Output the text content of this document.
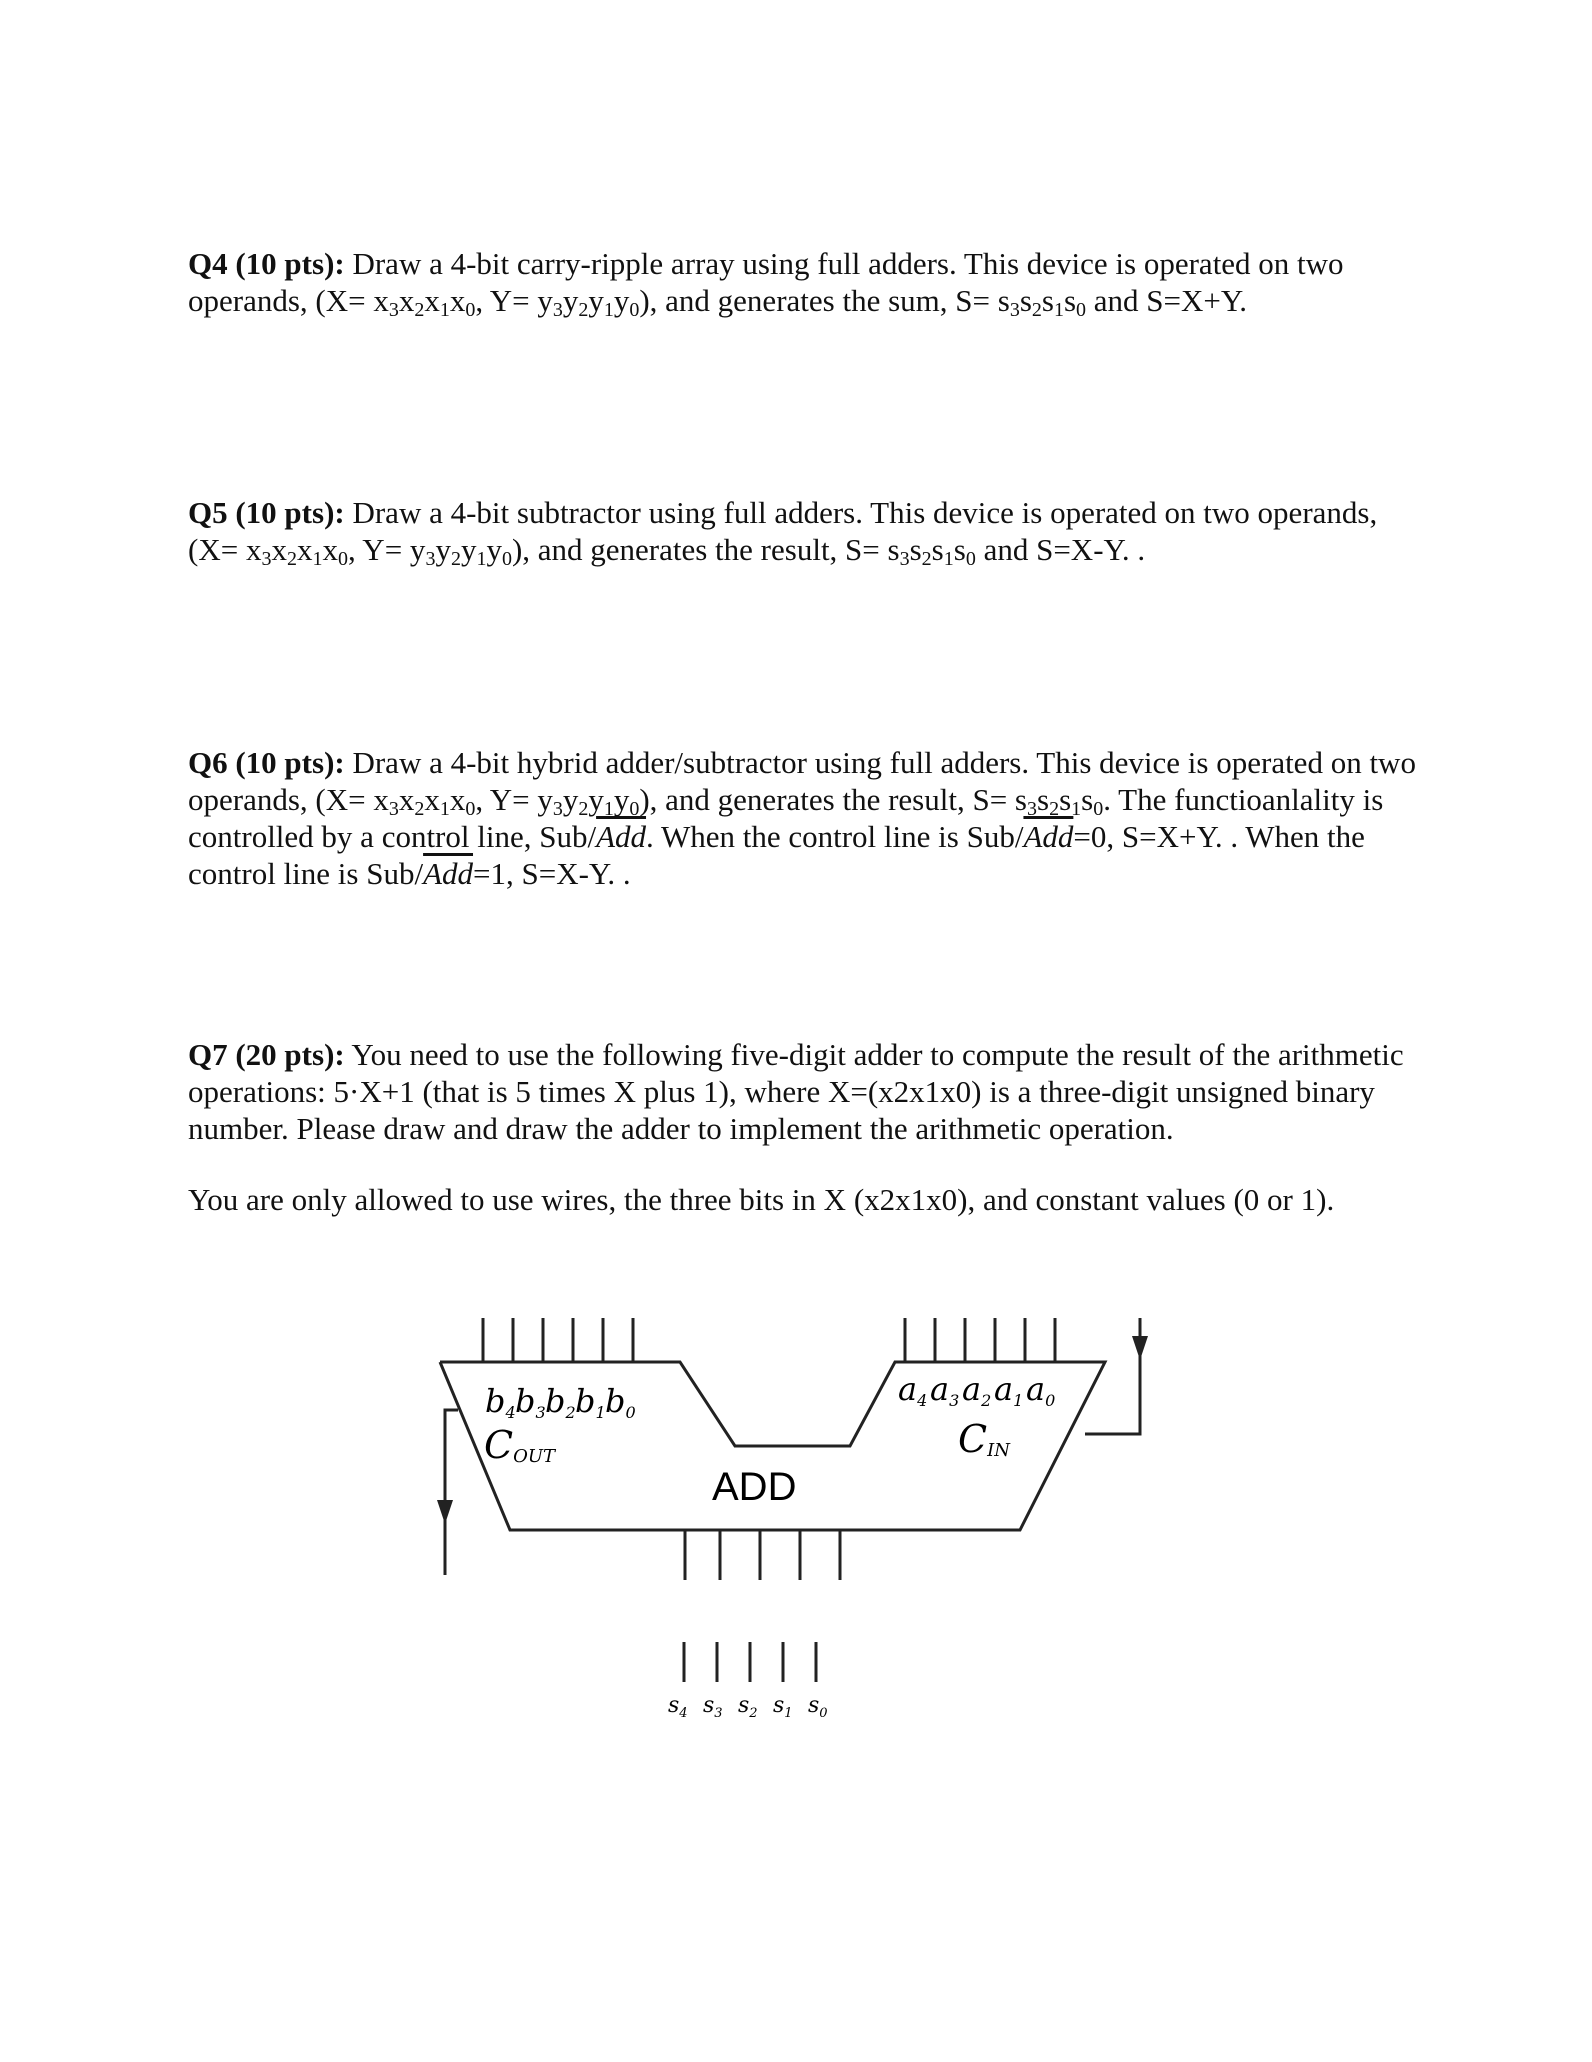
Q4 (10 pts): Draw a 4-bit carry-ripple array using full adders. This device is operated on two operands, ($X= x_3x_2x_1x_0$, $Y= y_3y_2y_1y_0$), and generates the sum, $S= s_3s_2s_1s_0$ and S=X+Y.

Q5 (10 pts): Draw a 4-bit subtractor using full adders. This device is operated on two operands, ($X= x_3x_2x_1x_0$, $Y= y_3y_2y_1y_0$), and generates the result, $S= s_3s_2s_1s_0$ and S=X-Y. .

Q6 (10 pts): Draw a 4-bit hybrid adder/subtractor using full adders. This device is operated on two operands, ($X= x_3x_2x_1x_0$, $Y= y_3y_2y_1y_0$), and generates the result, $S= s_3s_2s_1s_0$. The functioanlality is controlled by a control line, Sub/$\overline{Add}$. When the control line is Sub/$\overline{Add}=0$, S=X+Y. . When the control line is Sub/$\overline{Add}=1$, S=X-Y. .

Q7 (20 pts): You need to use the following five-digit adder to compute the result of the arithmetic operations: 5·X+1 (that is 5 times X plus 1), where X=(x2x1x0) is a three-digit unsigned binary number. Please draw and draw the adder to implement the arithmetic operation.

You are only allowed to use wires, the three bits in X (x2x1x0), and constant values (0 or 1).

b4 b3 b2 b1 b0
a4 a3 a2 a1 a0
COUT	CIN
ADD
$s_4$ $s_3$ $s_2$ $s_1$ $s_0$
